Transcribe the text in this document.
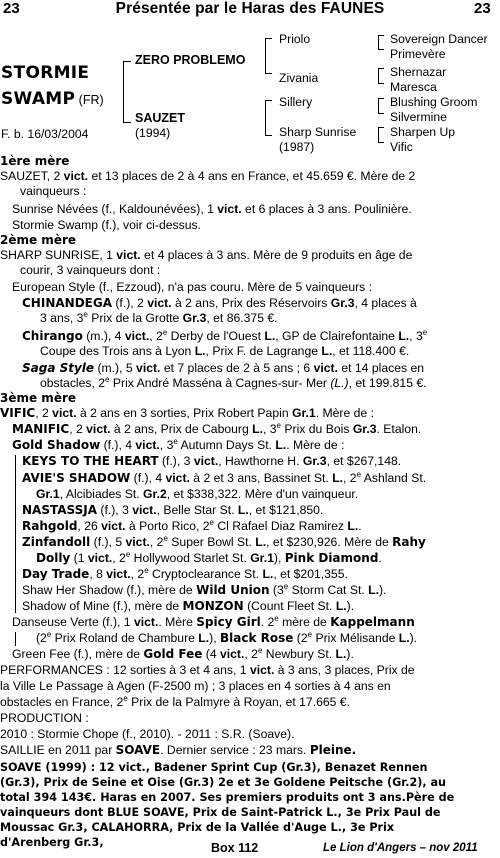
23	Présentée par le Haras des FAUNES	23
STORMIE
SWAMP (FR)
F. b. 16/03/2004
ZERO PROBLEMO
SAUZET
(1994)
Priolo
Zivania
Sillery
Sharp Sunrise
(1987)
Sovereign Dancer
Primevère
Shernazar
Maresca
Blushing Groom
Silvermine
Sharpen Up
Vific
1ère mère
SAUZET, 2 vict. et 13 places de 2 à 4 ans en France, et 45.659 €. Mère de 2
vainqueurs :
Sunrise Névées (f., Kaldounévées), 1 vict. et 6 places à 3 ans. Poulinière.
Stormie Swamp (f.), voir ci-dessus.
2ème mère
SHARP SUNRISE, 1 vict. et 4 places à 3 ans. Mère de 9 produits en âge de
courir, 3 vainqueurs dont :
European Style (f., Ezzoud), n'a pas couru. Mère de 5 vainqueurs :
CHINANDEGA (f.), 2 vict. à 2 ans, Prix des Réservoirs Gr.3, 4 places à
3 ans, 3e Prix de la Grotte Gr.3, et 86.375 €.
Chirango (m.), 4 vict., 2e Derby de l'Ouest L., GP de Clairefontaine L., 3e
Coupe des Trois ans à Lyon L., Prix F. de Lagrange L., et 118.400 €.
Saga Style (m.), 5 vict. et 7 places de 2 à 5 ans ; 6 vict. et 14 places en
obstacles, 2e Prix André Masséna à Cagnes-sur- Mer (L.), et 199.815 €.
3ème mère
VIFIC, 2 vict. à 2 ans en 3 sorties, Prix Robert Papin Gr.1. Mère de :
MANIFIC, 2 vict. à 2 ans, Prix de Cabourg L., 3e Prix du Bois Gr.3. Etalon.
Gold Shadow (f.), 4 vict., 3e Autumn Days St. L.. Mère de :
KEYS TO THE HEART (f.), 3 vict., Hawthorne H. Gr.3, et $267,148.
AVIE'S SHADOW (f.), 4 vict. à 2 et 3 ans, Bassinet St. L., 2e Ashland St.
Gr.1, Alcibiades St. Gr.2, et $338,322. Mère d'un vainqueur.
NASTASSJA (f.), 3 vict., Belle Star St. L., et $121,850.
Rahgold, 26 vict. à Porto Rico, 2e Cl Rafael Diaz Ramirez L..
Zinfandoll (f.), 5 vict., 2e Super Bowl St. L., et $230,926. Mère de Rahy
Dolly (1 vict., 2e Hollywood Starlet St. Gr.1), Pink Diamond.
Day Trade, 8 vict., 2e Cryptoclearance St. L., et $201,355.
Shaw Her Shadow (f.), mère de Wild Union (3e Storm Cat St. L.).
Shadow of Mine (f.), mère de MONZON (Count Fleet St. L.).
Danseuse Verte (f.), 1 vict.. Mère Spicy Girl. 2e mère de Kappelmann
(2e Prix Roland de Chambure L.), Black Rose (2e Prix Mélisande L.).
Green Fee (f.), mère de Gold Fee (4 vict., 2e Newbury St. L.).
PERFORMANCES : 12 sorties à 3 et 4 ans, 1 vict. à 3 ans, 3 places, Prix de
la Ville Le Passage à Agen (F-2500 m) ; 3 places en 4 sorties à 4 ans en
obstacles en France, 2e Prix de la Palmyre à Royan, et 17.665 €.
PRODUCTION :
2010 : Stormie Chope (f., 2010). - 2011 : S.R. (Soave).
SAILLIE en 2011 par SOAVE. Dernier service : 23 mars. Pleine.
SOAVE (1999) : 12 vict., Badener Sprint Cup (Gr.3), Benazet Rennen
(Gr.3), Prix de Seine et Oise (Gr.3) 2e et 3e Goldene Peitsche (Gr.2), au
total 394 143€. Haras en 2007. Ses premiers produits ont 3 ans.Père de
vainqueurs dont BLUE SOAVE, Prix de Saint-Patrick L., 3e Prix Paul de
Moussac Gr.3, CALAHORRA, Prix de la Vallée d'Auge L., 3e Prix
d'Arenberg Gr.3,	Box 112	Le Lion d'Angers – nov 2011
